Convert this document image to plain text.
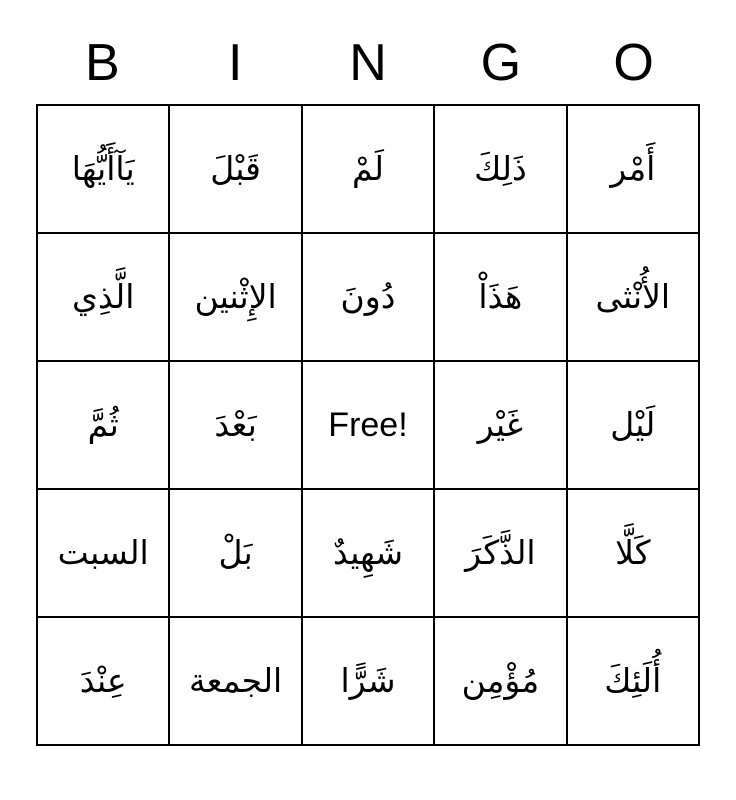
B	I	N	G	O
يَآأَيُّهَا	قَبْلَ	لَمْ	ذَلِكَ	أَمْر

الَّذِي	الإِثْنين	دُونَ	هَذَاْ	الأُنْثى

ثُمَّ	بَعْدَ	Free!	غَيْر	لَيْل

السبت	بَلْ	شَهِيدٌ	الذَّكَرَ	كَلَّا

عِنْدَ	الجمعة	شَرًّا	مُؤْمِن	أُلَئِكَ
